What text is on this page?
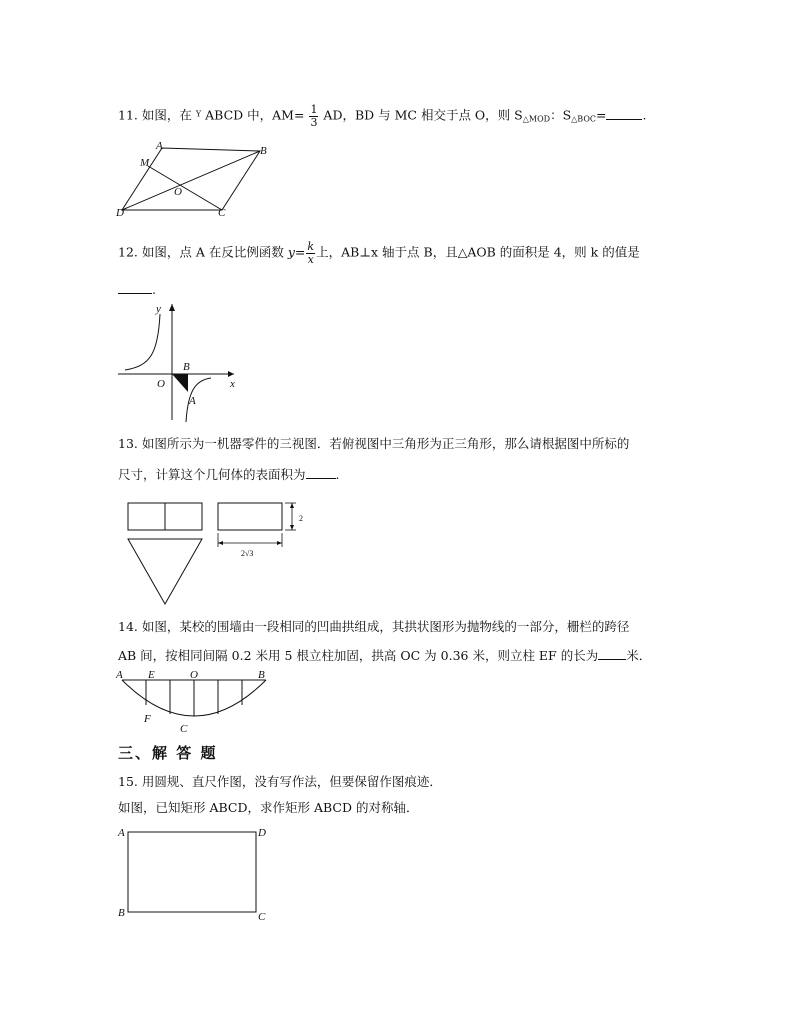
11. 如图，在 $^Y$ ABCD 中，$AM= \frac{1}{3}$ AD，BD 与 MC 相交于点 O，则 $S_{\triangle MOD}$：$S_{\triangle BOC}=$	.
A	B
M
O
D	C
12. 如图，点 A 在反比例函数 $y= \frac{k}{x}$ 上，AB⊥x 轴于点 B，且△AOB 的面积是 4，则 k 的值是
.
y
x
O
B
A
13. 如图所示为一机器零件的三视图．若俯视图中三角形为正三角形，那么请根据图中所标的
尺寸，计算这个几何体的表面积为 .
2
2√3
14. 如图，某校的围墙由一段相同的凹曲拱组成，其拱状图形为抛物线的一部分，栅栏的跨径
AB 间，按相同间隔 0.2 米用 5 根立柱加固，拱高 OC 为 0.36 米，则立柱 EF 的长为 米．
A E	O	B
F
C
三、解 答 题
15. 用圆规、直尺作图，没有写作法，但要保留作图痕迹．
如图，已知矩形 ABCD，求作矩形 ABCD 的对称轴．
A	D
B	C
